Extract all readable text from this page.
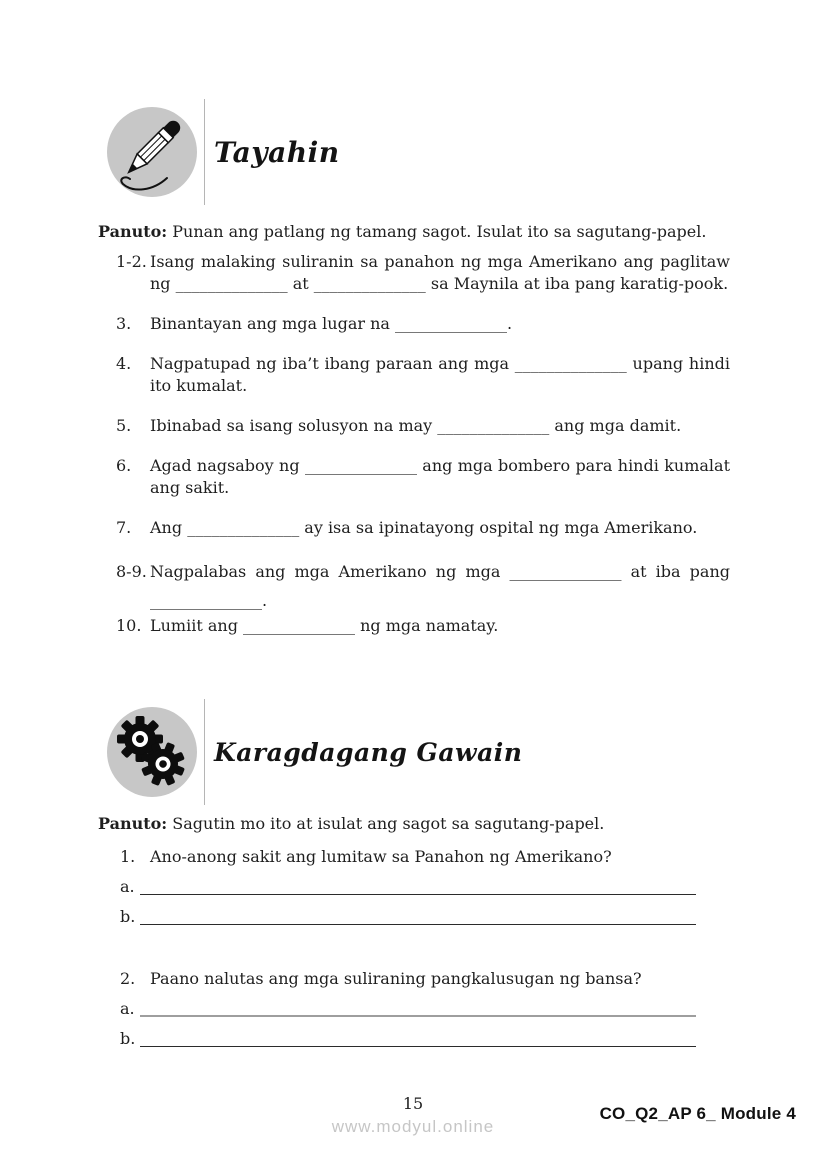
Tayahin

Panuto: Punan ang patlang ng tamang sagot. Isulat ito sa sagutang-papel.

1-2. Isang malaking suliranin sa panahon ng mga Amerikano ang paglitaw ng ______________ at ______________ sa Maynila at iba pang karatig-pook.

3. Binantayan ang mga lugar na ______________.

4. Nagpatupad ng iba’t ibang paraan ang mga ______________ upang hindi ito kumalat.

5. Ibinabad sa isang solusyon na may ______________ ang mga damit.

6. Agad nagsaboy ng ______________ ang mga bombero para hindi kumalat ang sakit.

7. Ang ______________ ay isa sa ipinatayong ospital ng mga Amerikano.

8-9. Nagpalabas ang mga Amerikano ng mga ______________ at iba pang ______________.

10. Lumiit ang ______________ ng mga namatay.

Karagdagang Gawain

Panuto: Sagutin mo ito at isulat ang sagot sa sagutang-papel.

1. Ano-anong sakit ang lumitaw sa Panahon ng Amerikano?

a.
b.

2. Paano nalutas ang mga suliraning pangkalusugan ng bansa?

a.
b.
15
www.modyul.online
CO_Q2_AP 6_ Module 4
